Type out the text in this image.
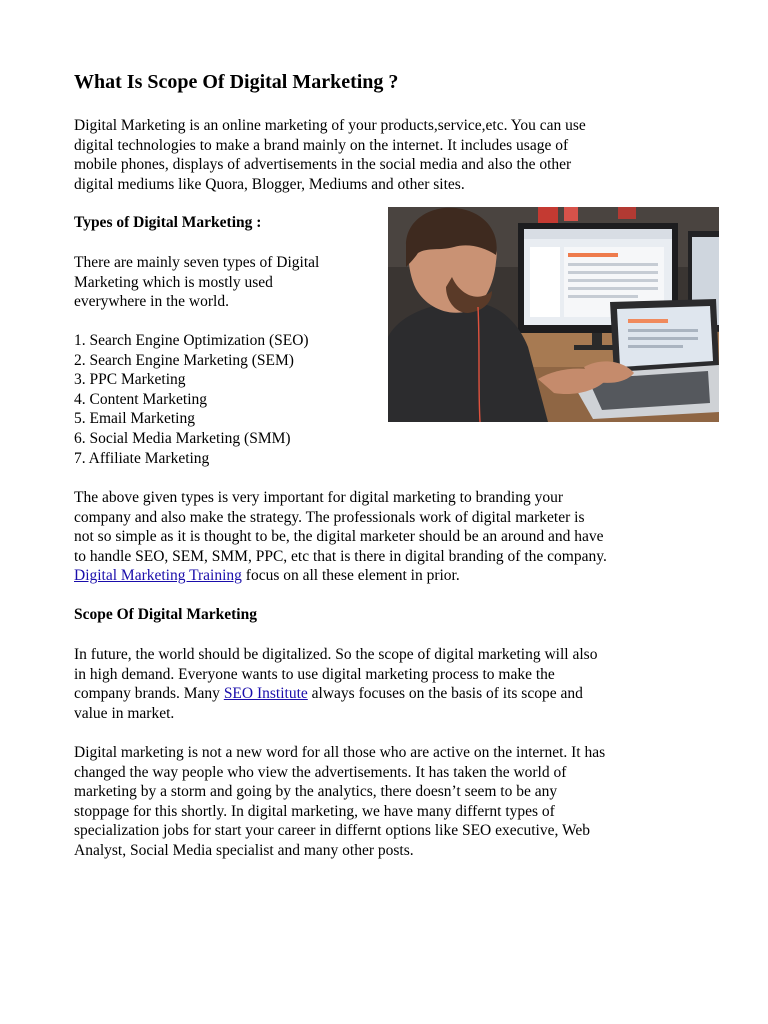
What Is Scope Of Digital Marketing ?

Digital Marketing is an online marketing of your products,service,etc. You can use
digital technologies to make a brand mainly on the internet. It includes usage of
mobile phones, displays of advertisements in the social media and also the other
digital mediums like Quora, Blogger, Mediums and other sites.

Types of Digital Marketing :

There are mainly seven types of Digital
Marketing which is mostly used
everywhere in the world.

1. Search Engine Optimization (SEO)
2. Search Engine Marketing (SEM)
3. PPC Marketing
4. Content Marketing
5. Email Marketing
6. Social Media Marketing (SMM)
7. Affiliate Marketing

The above given types is very important for digital marketing to branding your
company and also make the strategy. The professionals work of digital marketer is
not so simple as it is thought to be, the digital marketer should be an around and have
to handle SEO, SEM, SMM, PPC, etc that is there in digital branding of the company.
Digital Marketing Training focus on all these element in prior.

Scope Of Digital Marketing

In future, the world should be digitalized. So the scope of digital marketing will also
in high demand. Everyone wants to use digital marketing process to make the
company brands. Many SEO Institute always focuses on the basis of its scope and
value in market.

Digital marketing is not a new word for all those who are active on the internet. It has
changed the way people who view the advertisements. It has taken the world of
marketing by a storm and going by the analytics, there doesn’t seem to be any
stoppage for this shortly. In digital marketing, we have many differnt types of
specialization jobs for start your career in differnt options like SEO executive, Web
Analyst, Social Media specialist and many other posts.
